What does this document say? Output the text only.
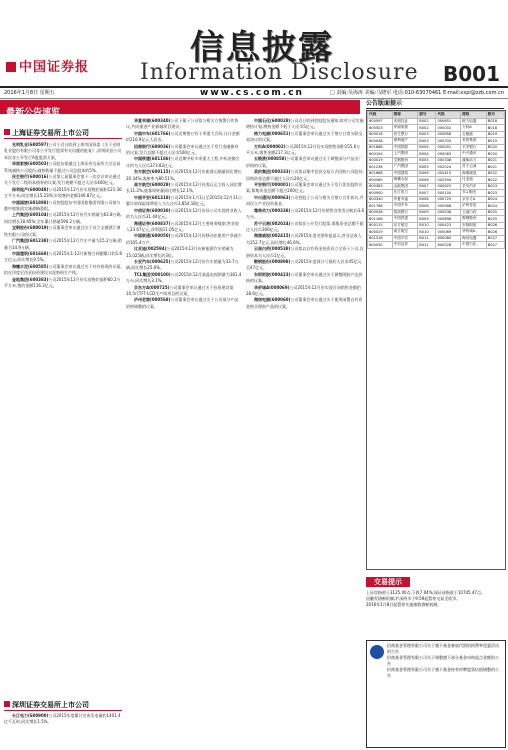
中国证券报	信息披露
Information Disclosure B001
2016年1月8日 星期五	www.cs.com.cn	□ 责编:吴海涛 美编:马晓军 电话:010-63070461 E-mail:xxpl@zzb.com.cn
最新公告速览
上海证券交易所上市公司

光明乳业(600597)公司于近日收到上海市国资委《关于光明乳业股份有限公司非公开发行股票有关问题的批复》,原则同意公司本次非公开发行A股股票方案。

华丽家族(600503)公司股东拟通过上海证券交易所大宗交易系统减持公司股份,减持数量不超过公司总股本的5%。

民生银行(600016)公司第七届董事会第十一次会议审议通过关于发行二级资本债券的议案,发行规模不超过人民币400亿元。

保利地产(600048)公司2015年12月份实现签约面积121.36万平方米,同比增长15.23%;实现签约金额146.87亿元。

中国国旅(601888)公司控股股东中国国旅集团有限公司拟与港中旅集团实施战略重组。

上汽集团(600104)公司2015年12月份汽车销量为63.8万辆,同比增长18.95%;全年累计销量590.2万辆。

宝钢股份(600019)公司董事会审议通过关于设立宝钢湛江钢铁有限公司的议案。

广汽集团(601238)公司2015年12月汽车产量为15.2万辆,销量为14.9万辆。

中国建筑(601668)公司2015年1-12月新签合同额累计约1.8万亿元,同比增长9.5%。

海螺水泥(600585)公司董事会审议通过关于对外投资的议案,拟在印度尼西亚投资建设水泥熟料生产线。

金地集团(600383)公司2015年12月份实现签约面积60.2万平方米,签约金额116.3亿元。

深圳证券交易所上市公司

长江电力(600900)公司2015年度累计完成发电量约1401.4亿千瓦时,同比增长1.5%。

华夏幸福(600340)公司下属子公司拟与相关方签署合作协议,共同推进产业新城项目建设。

中国中车(601766)公司近期签订若干项重大合同,合计金额约216.9亿元人民币。

招商银行(600036)公司董事会审议通过关于发行金融债券的议案,发行总额不超过人民币500亿元。

中国铁建(601186)公司近期中标多项重大工程,中标金额合计约为人民币373.82亿元。

东方航空(600115)公司2015年12月份旅客运输量同比增长10.34%,客座率为80.51%。

南方航空(600029)公司2015年12月份客运运力投入同比增长11.2%,旅客周转量同比增长12.1%。

中国平安(601318)公司2015年1月1日至2015年12月31日累计原保险保费收入为人民币3,854.18亿元。

中信证券(600030)公司2015年12月份母公司实现营业收入约为人民币31.44亿元。

海通证券(600837)公司2015年12月主要财务数据:营业收入23.67亿元,净利润11.05亿元。

中国联通(600050)公司2015年12月份移动出账用户净减少约105.4万户。

比亚迪(002594)公司2015年12月份新能源汽车销量为15,025辆,同比增长约3倍。

长安汽车(000625)公司2015年12月份汽车销量为33.7万辆,同比增长25.6%。

TCL集团(000100)公司2015年12月液晶电视销量为181.4万台,同比增长3.1%。

京东方A(000725)公司董事会审议通过关于投资建设第10.5代TFT-LCD生产线项目的议案。

泸州老窖(000568)公司董事会审议通过关于公司部分产品价格调整的议案。

中国石化(600028)公司近日收到控股股东通知,拟对公司实施增持计划,增持金额不低于人民币5亿元。

格力电器(000651)公司董事会审议通过关于签订日常关联交易协议的议案。

万科A(000002)公司2015年12月份实现销售面积155.6万平方米,销售金额217.3亿元。

五粮液(000858)公司董事会审议通过关于调整部分产品出厂价格的议案。

美的集团(000333)公司拟以集中竞价交易方式回购公司股份,回购资金总额不超过人民币20亿元。

平安银行(000001)公司董事会审议通过关于发行优先股的议案,募集资金总额不超过200亿元。

中兴通讯(000063)公司控股子公司与相关方签订合作协议,共同设立产业投资基金。

潍柴动力(000338)公司2015年12月份销售各类发动机约3.6万台。

苏宁云商(002024)公司拟非公开发行股票,募集资金总额不超过人民币300亿元。

海康威视(002415)公司2015年度业绩快报显示,营业总收入为252.7亿元,同比增长46.6%。

云南白药(000538)公司拟以自有资金投资设立全资子公司,注册资本为人民币1亿元。

鞍钢股份(000898)公司2015年度预计亏损约人民币45亿元至47亿元。

东阿阿胶(000423)公司董事会审议通过关于调整阿胶产品价格的议案。

华侨城A(000069)公司2015年12月份实现合同销售金额约28.6亿元。

海信电器(600060)公司董事会审议通过关于使用闲置自有资金购买理财产品的议案。

公告版面提示
代码	简称	版号	代码	简称	版号
600597	光明乳业	B002	000651	格力电器	B018
600503	华丽家族	B002	000002	万科A	B018
600016	民生银行	B003	000858	五粮液	B019
600048	保利地产	B003	000333	美的集团	B019
601888	中国国旅	B004	000001	平安银行	B020
600104	上汽集团	B004	000063	中兴通讯	B020
600019	宝钢股份	B005	000338	潍柴动力	B021
601238	广汽集团	B005	002024	苏宁云商	B021
601668	中国建筑	B006	002415	海康威视	B022
600585	海螺水泥	B006	002594	比亚迪	B022
600383	金地集团	B007	000625	长安汽车	B023
600900	长江电力	B007	000100	TCL集团	B023
600340	华夏幸福	B008	000725	京东方A	B024
601766	中国中车	B008	000568	泸州老窖	B024
600036	招商银行	B009	000538	云南白药	B025
601186	中国铁建	B009	000898	鞍钢股份	B025
600115	东方航空	B010	000423	东阿阿胶	B026
600029	南方航空	B010	000069	华侨城A	B026
601318	中国平安	B011	600060	海信电器	B027
600030	中信证券	B011	600028	中国石化	B027
交易提示

上证综指收于3125.00点,下跌7.04%;深证成指收于10745.47点。

因触发熔断机制,沪深两市于9:59起暂停交易至收市。

2016年1月8日起暂停实施指数熔断机制。

招商基金管理有限公司关于旗下基金参加代销机构费率优惠活动的公告

招商基金管理有限公司关于调整旗下部分基金申购起点金额的公告

招商基金管理有限公司关于旗下基金持有停牌股票估值调整的公告
